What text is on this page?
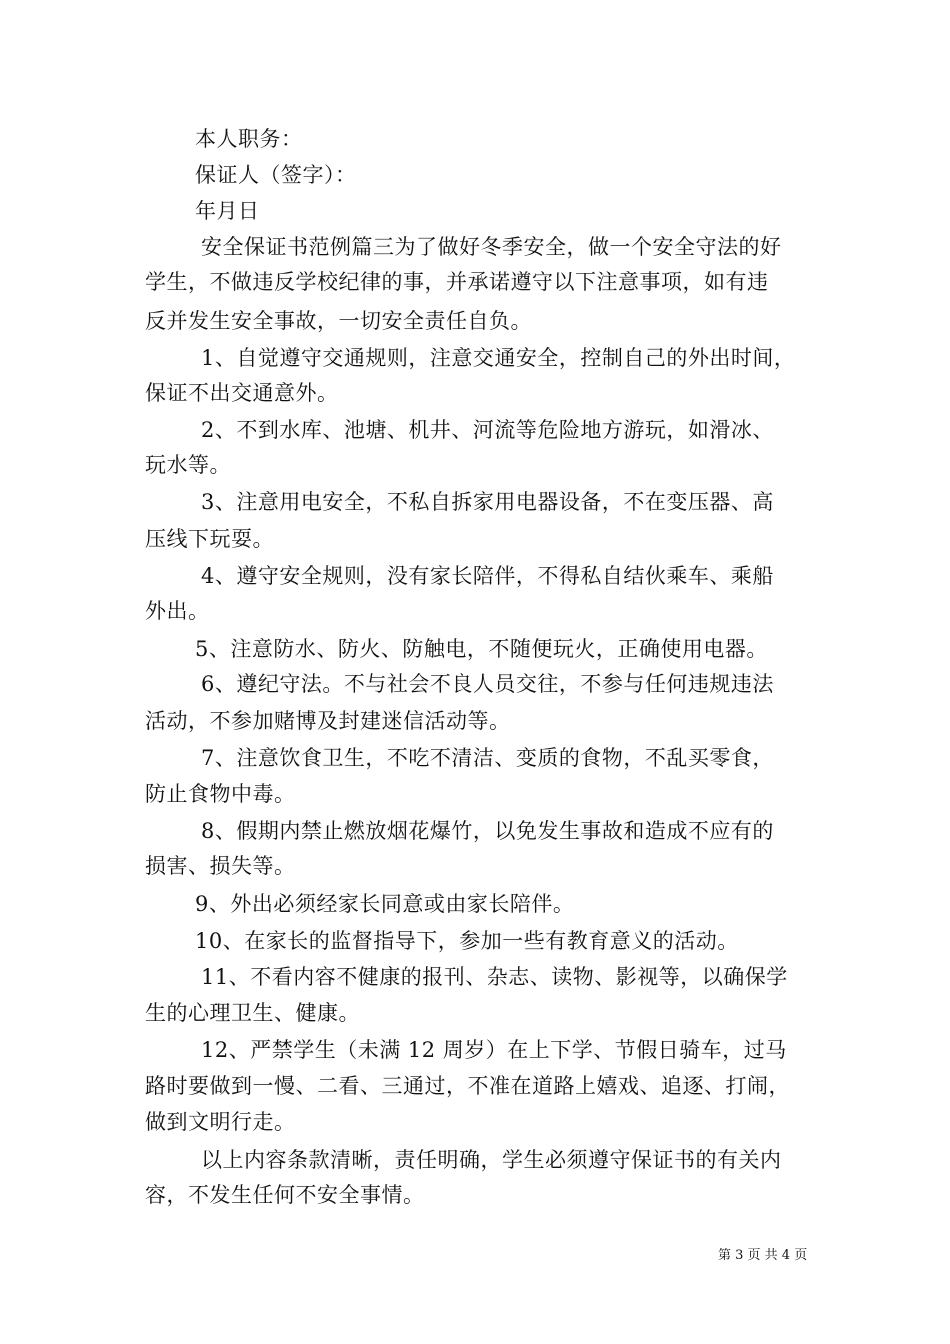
本人职务：
保证人（签字）：
年月日
安全保证书范例篇三为了做好冬季安全，做一个安全守法的好
学生，不做违反学校纪律的事，并承诺遵守以下注意事项，如有违
反并发生安全事故，一切安全责任自负。
1、自觉遵守交通规则，注意交通安全，控制自己的外出时间，
保证不出交通意外。
2、不到水库、池塘、机井、河流等危险地方游玩，如滑冰、
玩水等。
3、注意用电安全，不私自拆家用电器设备，不在变压器、高
压线下玩耍。
4、遵守安全规则，没有家长陪伴，不得私自结伙乘车、乘船
外出。
5、注意防水、防火、防触电，不随便玩火，正确使用电器。
6、遵纪守法。不与社会不良人员交往，不参与任何违规违法
活动，不参加赌博及封建迷信活动等。
7、注意饮食卫生，不吃不清洁、变质的食物，不乱买零食，
防止食物中毒。
8、假期内禁止燃放烟花爆竹，以免发生事故和造成不应有的
损害、损失等。
9、外出必须经家长同意或由家长陪伴。
10、在家长的监督指导下，参加一些有教育意义的活动。
11、不看内容不健康的报刊、杂志、读物、影视等，以确保学
生的心理卫生、健康。
12、严禁学生（未满 12 周岁）在上下学、节假日骑车，过马
路时要做到一慢、二看、三通过，不准在道路上嬉戏、追逐、打闹，
做到文明行走。
以上内容条款清晰，责任明确，学生必须遵守保证书的有关内
容，不发生任何不安全事情。
第 3 页 共 4 页
